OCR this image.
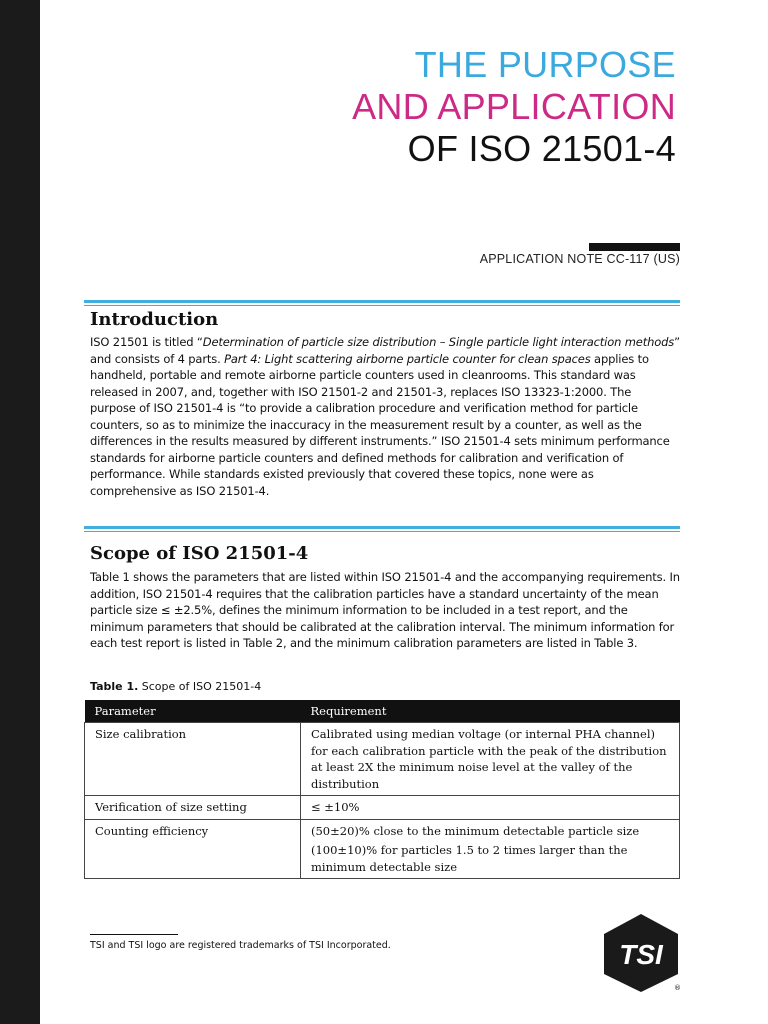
THE PURPOSE
AND APPLICATION
OF ISO 21501-4
APPLICATION NOTE CC-117 (US)
Introduction
ISO 21501 is titled “Determination of particle size distribution – Single particle light interaction methods” and consists of 4 parts. Part 4: Light scattering airborne particle counter for clean spaces applies to handheld, portable and remote airborne particle counters used in cleanrooms. This standard was released in 2007, and, together with ISO 21501-2 and 21501-3, replaces ISO 13323-1:2000. The purpose of ISO 21501-4 is “to provide a calibration procedure and verification method for particle counters, so as to minimize the inaccuracy in the measurement result by a counter, as well as the differences in the results measured by different instruments.” ISO 21501-4 sets minimum performance standards for airborne particle counters and defined methods for calibration and verification of performance. While standards existed previously that covered these topics, none were as comprehensive as ISO 21501-4.
Scope of ISO 21501-4
Table 1 shows the parameters that are listed within ISO 21501-4 and the accompanying requirements. In addition, ISO 21501-4 requires that the calibration particles have a standard uncertainty of the mean particle size ≤ ±2.5%, defines the minimum information to be included in a test report, and the minimum parameters that should be calibrated at the calibration interval. The minimum information for each test report is listed in Table 2, and the minimum calibration parameters are listed in Table 3.
Table 1. Scope of ISO 21501-4
Parameter	Requirement
Size calibration	Calibrated using median voltage (or internal PHA channel) for each calibration particle with the peak of the distribution at least 2X the minimum noise level at the valley of the distribution

Verification of size setting	≤ ±10%

Counting efficiency	(50±20)% close to the minimum detectable particle size
(100±10)% for particles 1.5 to 2 times larger than the minimum detectable size
TSI and TSI logo are registered trademarks of TSI Incorporated.	TSI
®
